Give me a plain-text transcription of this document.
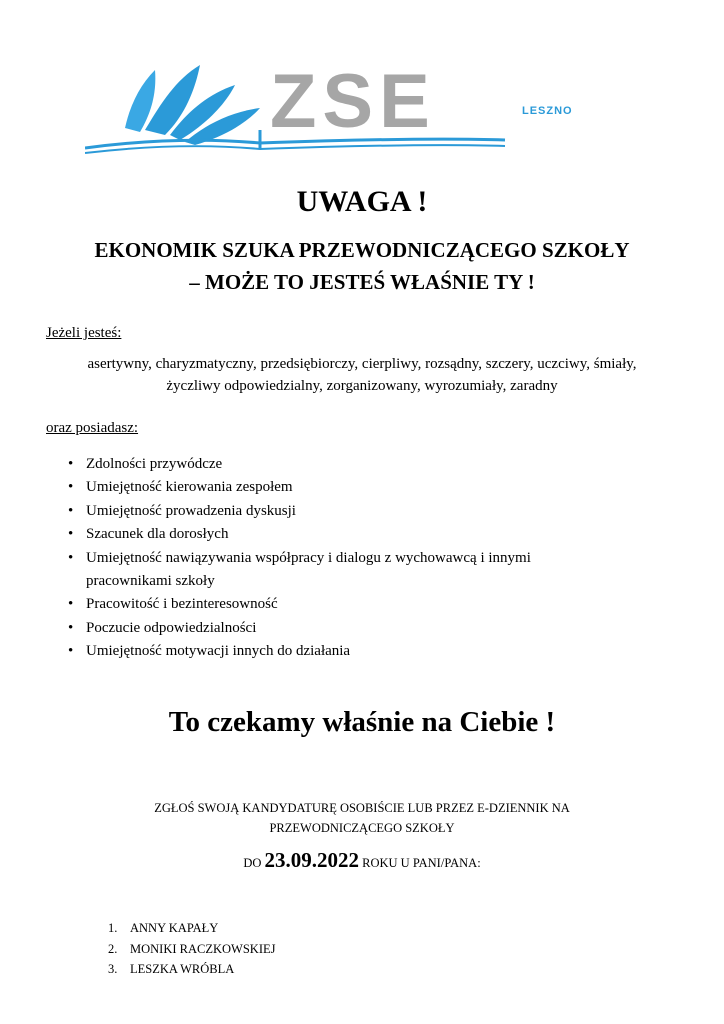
ZSE	LESZNO
UWAGA !
EKONOMIK SZUKA PRZEWODNICZĄCEGO SZKOŁY
– MOŻE TO JESTEŚ WŁAŚNIE TY !
Jeżeli jesteś:
asertywny, charyzmatyczny, przedsiębiorczy, cierpliwy, rozsądny, szczery, uczciwy, śmiały,
życzliwy odpowiedzialny, zorganizowany, wyrozumiały, zaradny
oraz posiadasz:
• Zdolności przywódcze
• Umiejętność kierowania zespołem
• Umiejętność prowadzenia dyskusji
• Szacunek dla dorosłych
• Umiejętność nawiązywania współpracy i dialogu z wychowawcą i innymi
pracownikami szkoły
• Pracowitość i bezinteresowność
• Poczucie odpowiedzialności
• Umiejętność motywacji innych do działania
To czekamy właśnie na Ciebie !
ZGŁOŚ SWOJĄ KANDYDATURĘ OSOBIŚCIE LUB PRZEZ E-DZIENNIK NA
PRZEWODNICZĄCEGO SZKOŁY
DO 23.09.2022 ROKU U PANI/PANA:
1. ANNY KAPAŁY
2. MONIKI RACZKOWSKIEJ
3. LESZKA WRÓBLA
